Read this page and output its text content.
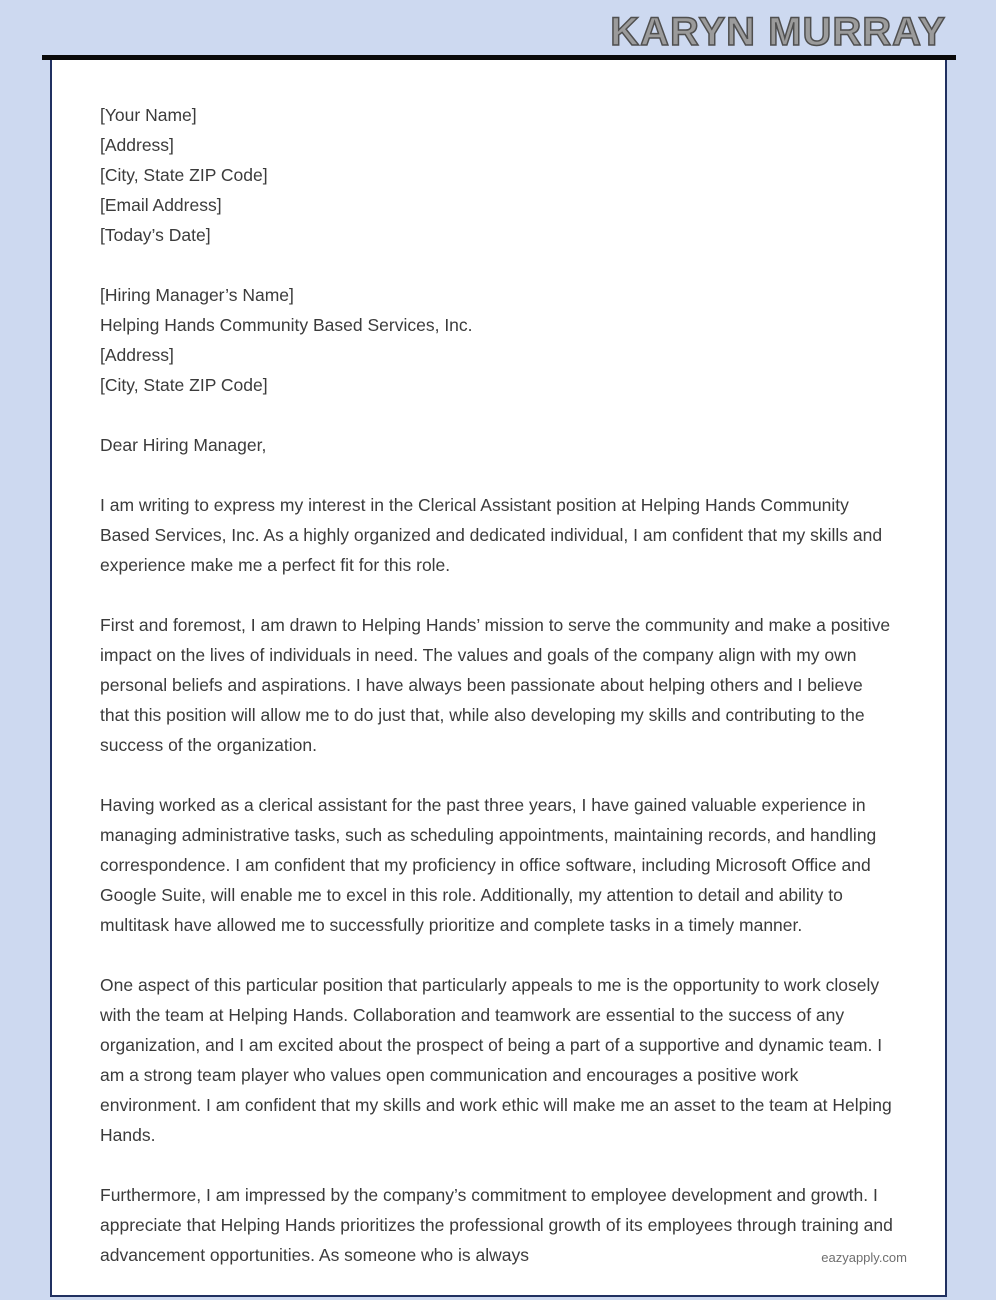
KARYN MURRAY
[Your Name]
[Address]
[City, State ZIP Code]
[Email Address]
[Today’s Date]
[Hiring Manager’s Name]
Helping Hands Community Based Services, Inc.
[Address]
[City, State ZIP Code]
Dear Hiring Manager,

I am writing to express my interest in the Clerical Assistant position at Helping Hands Community Based Services, Inc. As a highly organized and dedicated individual, I am confident that my skills and experience make me a perfect fit for this role.

First and foremost, I am drawn to Helping Hands’ mission to serve the community and make a positive impact on the lives of individuals in need. The values and goals of the company align with my own personal beliefs and aspirations. I have always been passionate about helping others and I believe that this position will allow me to do just that, while also developing my skills and contributing to the success of the organization.

Having worked as a clerical assistant for the past three years, I have gained valuable experience in managing administrative tasks, such as scheduling appointments, maintaining records, and handling correspondence. I am confident that my proficiency in office software, including Microsoft Office and Google Suite, will enable me to excel in this role. Additionally, my attention to detail and ability to multitask have allowed me to successfully prioritize and complete tasks in a timely manner.

One aspect of this particular position that particularly appeals to me is the opportunity to work closely with the team at Helping Hands. Collaboration and teamwork are essential to the success of any organization, and I am excited about the prospect of being a part of a supportive and dynamic team. I am a strong team player who values open communication and encourages a positive work environment. I am confident that my skills and work ethic will make me an asset to the team at Helping Hands.

Furthermore, I am impressed by the company’s commitment to employee development and growth. I appreciate that Helping Hands prioritizes the professional growth of its employees through training and advancement opportunities. As someone who is always	eazyapply.com
